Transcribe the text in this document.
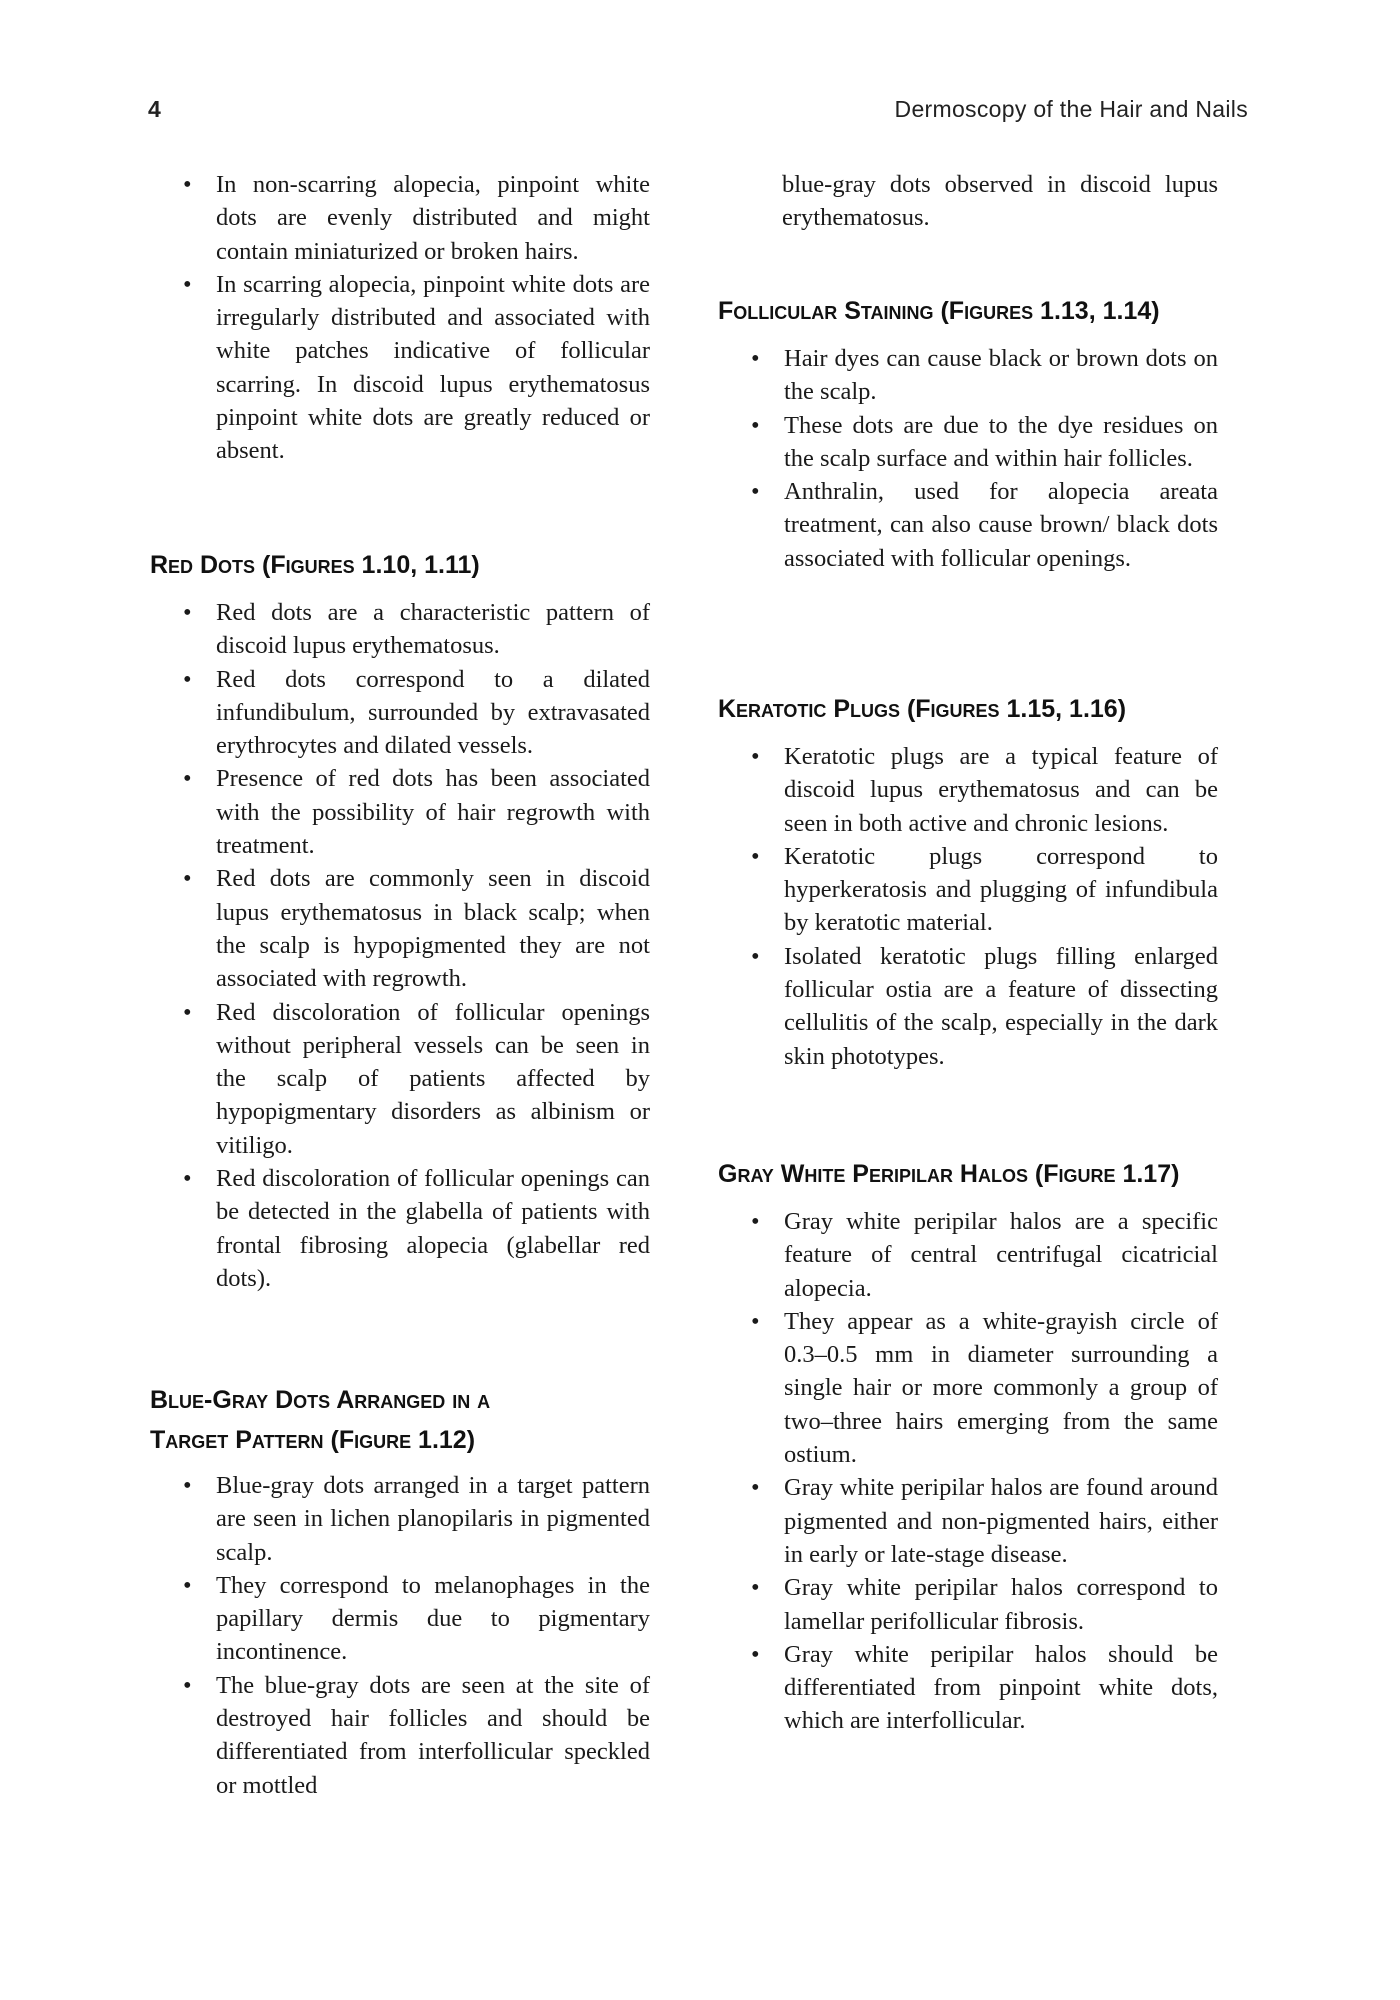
4	Dermoscopy of the Hair and Nails
• In non-scarring alopecia, pinpoint white dots are evenly distributed and might contain miniaturized or broken hairs.
• In scarring alopecia, pinpoint white dots are irregularly distributed and associated with white patches indicative of follicular scarring. In discoid lupus erythematosus pinpoint white dots are greatly reduced or absent.
Red Dots (Figures 1.10, 1.11)
• Red dots are a characteristic pattern of discoid lupus erythematosus.
• Red dots correspond to a dilated infundibulum, surrounded by extravasated erythrocytes and dilated vessels.
• Presence of red dots has been associated with the possibility of hair regrowth with treatment.
• Red dots are commonly seen in discoid lupus erythematosus in black scalp; when the scalp is hypopigmented they are not associated with regrowth.
• Red discoloration of follicular openings without peripheral vessels can be seen in the scalp of patients affected by hypopigmentary disorders as albinism or vitiligo.
• Red discoloration of follicular openings can be detected in the glabella of patients with frontal fibrosing alopecia (glabellar red dots).
Blue-Gray Dots Arranged in a
Target Pattern (Figure 1.12)
• Blue-gray dots arranged in a target pattern are seen in lichen planopilaris in pigmented scalp.
• They correspond to melanophages in the papillary dermis due to pigmentary incontinence.
• The blue-gray dots are seen at the site of destroyed hair follicles and should be differentiated from interfollicular speckled or mottled
blue-gray dots observed in discoid lupus erythematosus.
Follicular Staining (Figures 1.13, 1.14)
• Hair dyes can cause black or brown dots on the scalp.
• These dots are due to the dye residues on the scalp surface and within hair follicles.
• Anthralin, used for alopecia areata treatment, can also cause brown/ black dots associated with follicular openings.
Keratotic Plugs (Figures 1.15, 1.16)
• Keratotic plugs are a typical feature of discoid lupus erythematosus and can be seen in both active and chronic lesions.
• Keratotic plugs correspond to hyperkeratosis and plugging of infundibula by keratotic material.
• Isolated keratotic plugs filling enlarged follicular ostia are a feature of dissecting cellulitis of the scalp, especially in the dark skin phototypes.
Gray White Peripilar Halos (Figure 1.17)
• Gray white peripilar halos are a specific feature of central centrifugal cicatricial alopecia.
• They appear as a white-grayish circle of 0.3–0.5 mm in diameter surrounding a single hair or more commonly a group of two–three hairs emerging from the same ostium.
• Gray white peripilar halos are found around pigmented and non-pigmented hairs, either in early or late-stage disease.
• Gray white peripilar halos correspond to lamellar perifollicular fibrosis.
• Gray white peripilar halos should be differentiated from pinpoint white dots, which are interfollicular.
